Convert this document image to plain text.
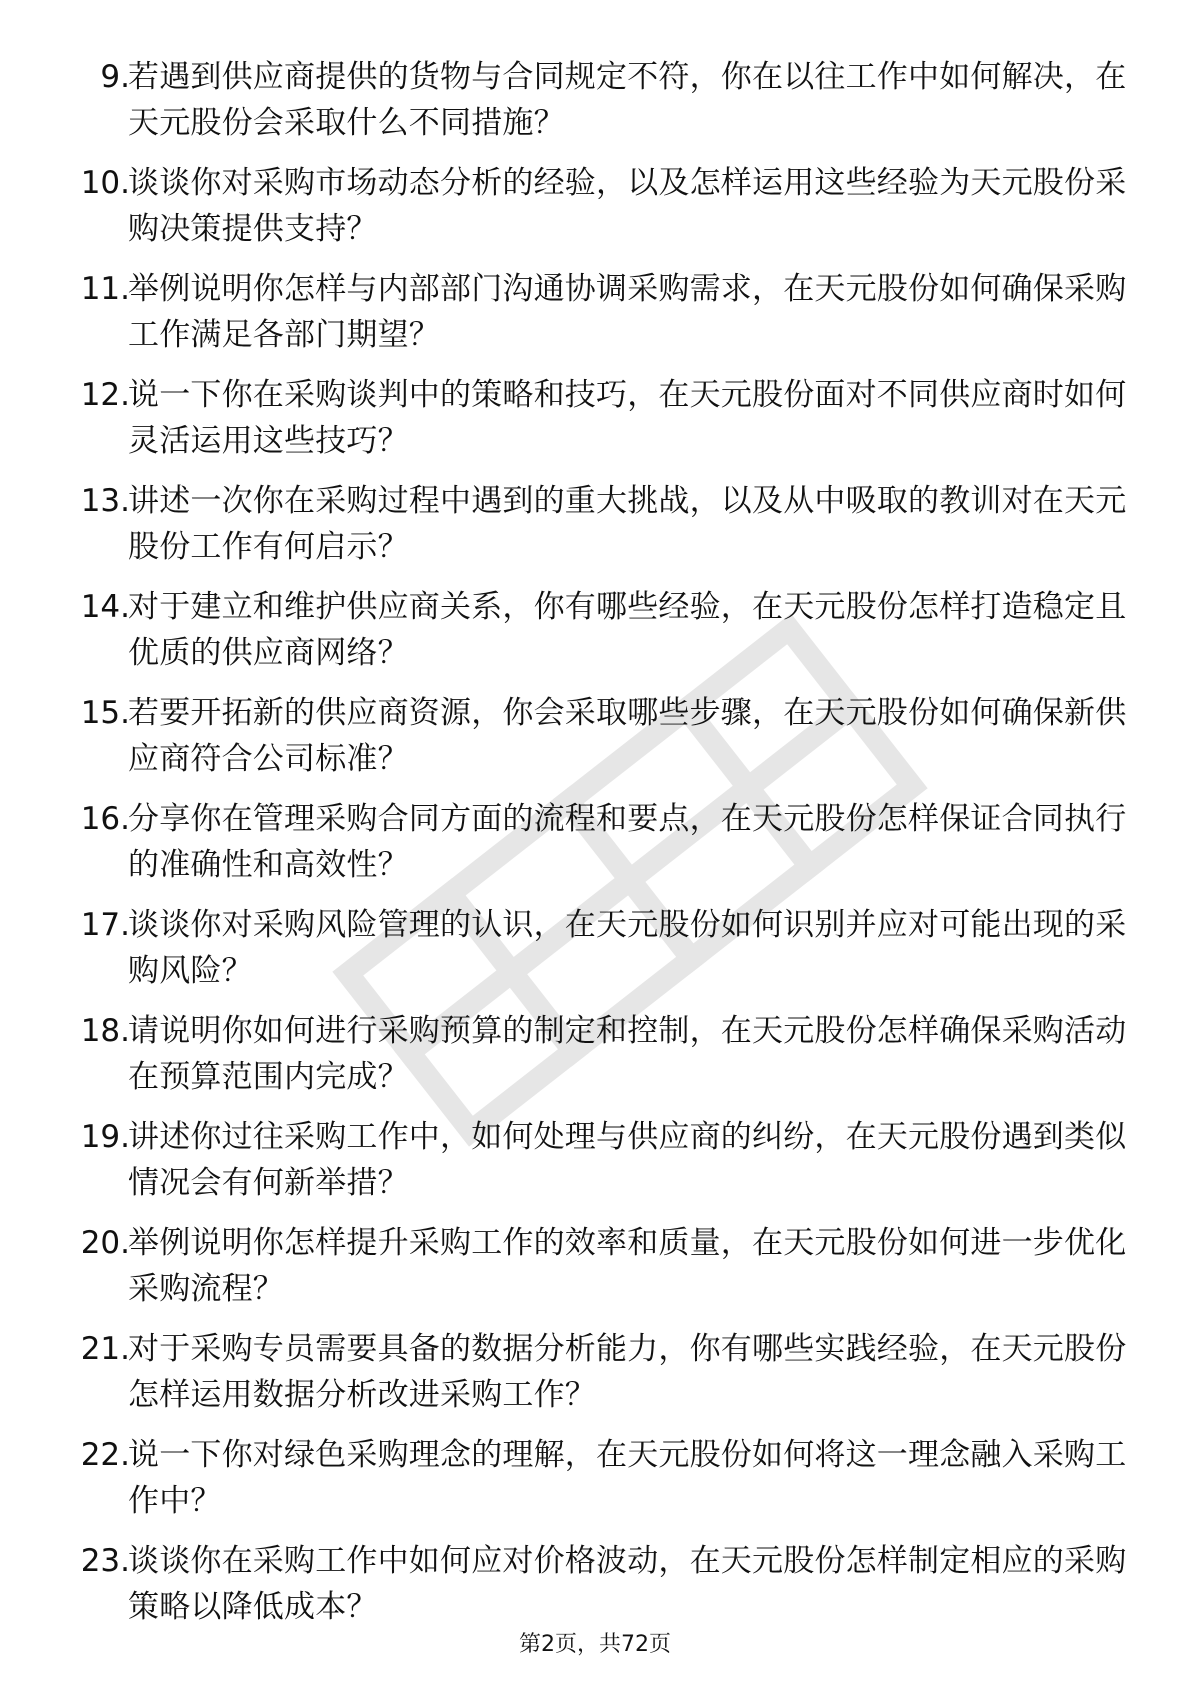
9.
若遇到供应商提供的货物与合同规定不符，你在以往工作中如何解决，在天元股份会采取什么不同措施？
10.
谈谈你对采购市场动态分析的经验，以及怎样运用这些经验为天元股份采购决策提供支持？
11.
举例说明你怎样与内部部门沟通协调采购需求，在天元股份如何确保采购工作满足各部门期望？
12.
说一下你在采购谈判中的策略和技巧，在天元股份面对不同供应商时如何灵活运用这些技巧？
13.
讲述一次你在采购过程中遇到的重大挑战，以及从中吸取的教训对在天元股份工作有何启示？
14.
对于建立和维护供应商关系，你有哪些经验，在天元股份怎样打造稳定且优质的供应商网络？
15.
若要开拓新的供应商资源，你会采取哪些步骤，在天元股份如何确保新供应商符合公司标准？
16.
分享你在管理采购合同方面的流程和要点，在天元股份怎样保证合同执行的准确性和高效性？
17.
谈谈你对采购风险管理的认识，在天元股份如何识别并应对可能出现的采购风险？
18.
请说明你如何进行采购预算的制定和控制，在天元股份怎样确保采购活动在预算范围内完成？
19.
讲述你过往采购工作中，如何处理与供应商的纠纷，在天元股份遇到类似情况会有何新举措？
20.
举例说明你怎样提升采购工作的效率和质量，在天元股份如何进一步优化采购流程？
21.
对于采购专员需要具备的数据分析能力，你有哪些实践经验，在天元股份怎样运用数据分析改进采购工作？
22.
说一下你对绿色采购理念的理解，在天元股份如何将这一理念融入采购工作中？
23.
谈谈你在采购工作中如何应对价格波动，在天元股份怎样制定相应的采购策略以降低成本？
第2页，共72页
